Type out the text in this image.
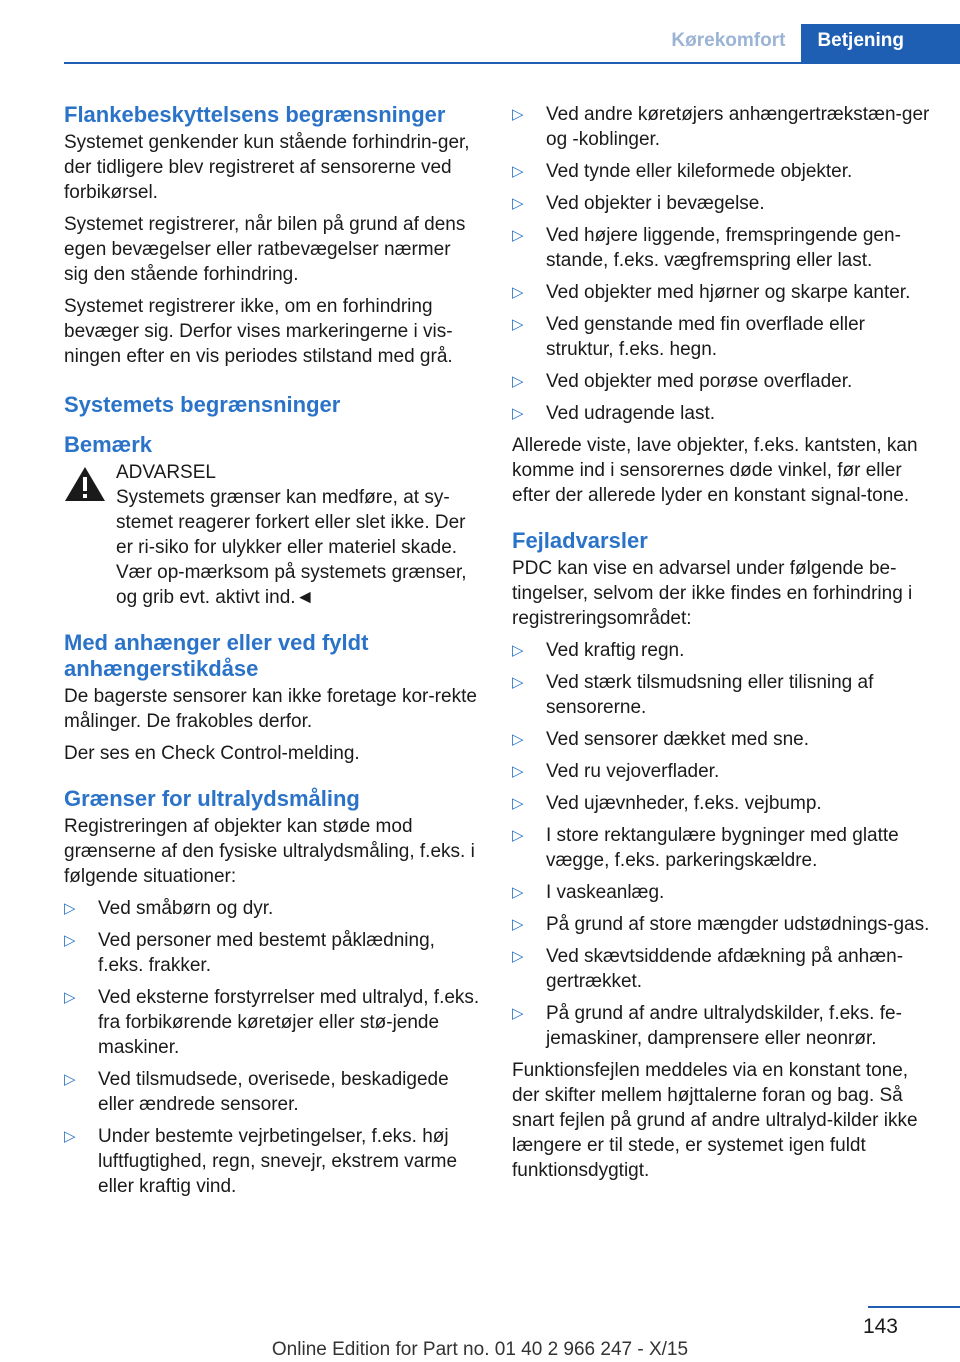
Kørekomfort	Betjening
Flankebeskyttelsens begrænsninger

Systemet genkender kun stående forhindrin-ger, der tidligere blev registreret af sensorerne ved forbikørsel.

Systemet registrerer, når bilen på grund af dens egen bevægelser eller ratbevægelser nærmer sig den stående forhindring.

Systemet registrerer ikke, om en forhindring bevæger sig. Derfor vises markeringerne i vis-ningen efter en vis periodes stilstand med grå.

Systemets begrænsninger
Bemærk
ADVARSEL
Systemets grænser kan medføre, at sy-stemet reagerer forkert eller slet ikke. Der er ri-siko for ulykker eller materiel skade. Vær op-mærksom på systemets grænser, og grib evt. aktivt ind.◄
Med anhænger eller ved fyldt anhængerstikdåse

De bagerste sensorer kan ikke foretage kor-rekte målinger. De frakobles derfor.

Der ses en Check Control-melding.

Grænser for ultralydsmåling

Registreringen af objekter kan støde mod grænserne af den fysiske ultralydsmåling, f.eks. i følgende situationer:

▷ Ved småbørn og dyr.
▷ Ved personer med bestemt påklædning, f.eks. frakker.
▷ Ved eksterne forstyrrelser med ultralyd, f.eks. fra forbikørende køretøjer eller stø-jende maskiner.
▷ Ved tilsmudsede, overisede, beskadigede eller ændrede sensorer.
▷ Under bestemte vejrbetingelser, f.eks. høj luftfugtighed, regn, snevejr, ekstrem varme eller kraftig vind.
▷ Ved andre køretøjers anhængertrækstæn-ger og -koblinger.
▷ Ved tynde eller kileformede objekter.
▷ Ved objekter i bevægelse.
▷ Ved højere liggende, fremspringende gen-stande, f.eks. vægfremspring eller last.
▷ Ved objekter med hjørner og skarpe kanter.
▷ Ved genstande med fin overflade eller struktur, f.eks. hegn.
▷ Ved objekter med porøse overflader.
▷ Ved udragende last.

Allerede viste, lave objekter, f.eks. kantsten, kan komme ind i sensorernes døde vinkel, før eller efter der allerede lyder en konstant signal-tone.

Fejladvarsler

PDC kan vise en advarsel under følgende be-tingelser, selvom der ikke findes en forhindring i registreringsområdet:

▷ Ved kraftig regn.
▷ Ved stærk tilsmudsning eller tilisning af sensorerne.
▷ Ved sensorer dækket med sne.
▷ Ved ru vejoverflader.
▷ Ved ujævnheder, f.eks. vejbump.
▷ I store rektangulære bygninger med glatte vægge, f.eks. parkeringskældre.
▷ I vaskeanlæg.
▷ På grund af store mængder udstødnings-gas.
▷ Ved skævtsiddende afdækning på anhæn-gertrækket.
▷ På grund af andre ultralydskilder, f.eks. fe-jemaskiner, damprensere eller neonrør.

Funktionsfejlen meddeles via en konstant tone, der skifter mellem højttalerne foran og bag. Så snart fejlen på grund af andre ultralyd-kilder ikke længere er til stede, er systemet igen fuldt funktionsdygtigt.

143
Online Edition for Part no. 01 40 2 966 247 - X/15
